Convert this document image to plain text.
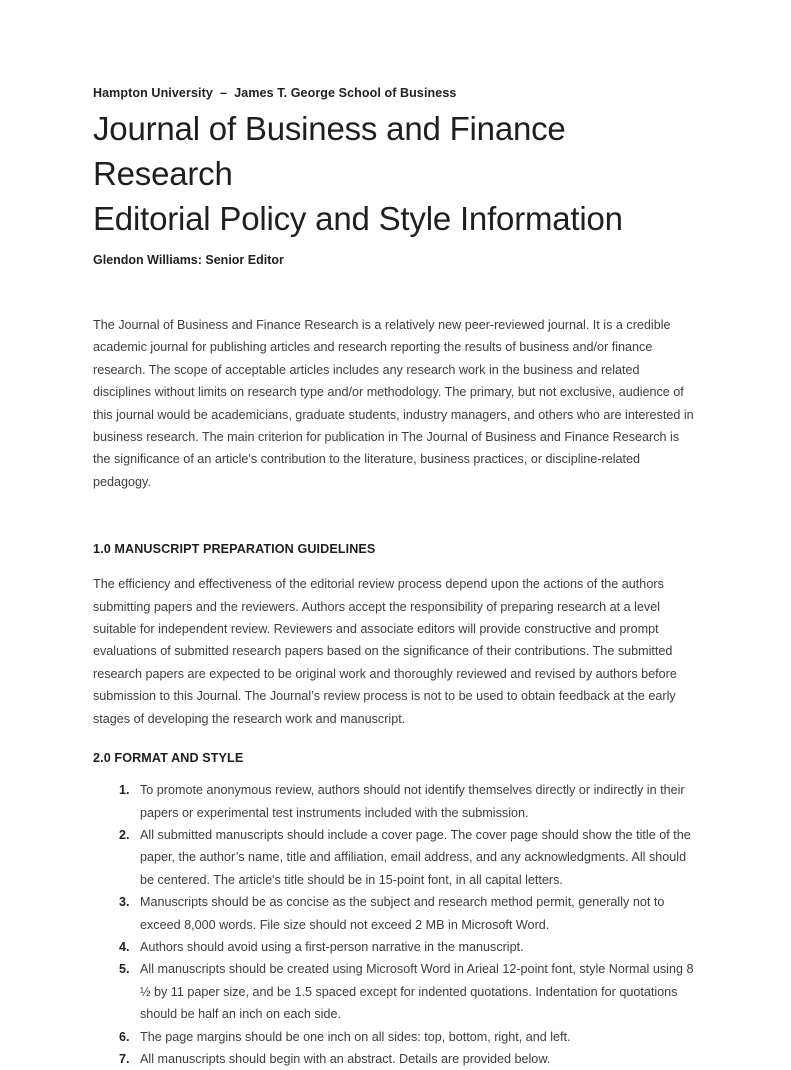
Hampton University  –  James T. George School of Business

Journal of Business and Finance Research
Editorial Policy and Style Information

Glendon Williams: Senior Editor

The Journal of Business and Finance Research is a relatively new peer-reviewed journal. It is a credible academic journal for publishing articles and research reporting the results of business and/or finance research. The scope of acceptable articles includes any research work in the business and related disciplines without limits on research type and/or methodology. The primary, but not exclusive, audience of this journal would be academicians, graduate students, industry managers, and others who are interested in business research. The main criterion for publication in The Journal of Business and Finance Research is the significance of an article's contribution to the literature, business practices, or discipline-related pedagogy.

1.0 MANUSCRIPT PREPARATION GUIDELINES

The efficiency and effectiveness of the editorial review process depend upon the actions of the authors submitting papers and the reviewers. Authors accept the responsibility of preparing research at a level suitable for independent review. Reviewers and associate editors will provide constructive and prompt evaluations of submitted research papers based on the significance of their contributions. The submitted research papers are expected to be original work and thoroughly reviewed and revised by authors before submission to this Journal. The Journal’s review process is not to be used to obtain feedback at the early stages of developing the research work and manuscript.

2.0 FORMAT AND STYLE
To promote anonymous review, authors should not identify themselves directly or indirectly in their papers or experimental test instruments included with the submission.
All submitted manuscripts should include a cover page. The cover page should show the title of the paper, the author’s name, title and affiliation, email address, and any acknowledgments. All should be centered. The article's title should be in 15-point font, in all capital letters.
Manuscripts should be as concise as the subject and research method permit, generally not to exceed 8,000 words. File size should not exceed 2 MB in Microsoft Word.
Authors should avoid using a first-person narrative in the manuscript.
All manuscripts should be created using Microsoft Word in Arieal 12-point font, style Normal using 8 ½ by 11 paper size, and be 1.5 spaced except for indented quotations. Indentation for quotations should be half an inch on each side.
The page margins should be one inch on all sides: top, bottom, right, and left.
All manuscripts should begin with an abstract. Details are provided below.
